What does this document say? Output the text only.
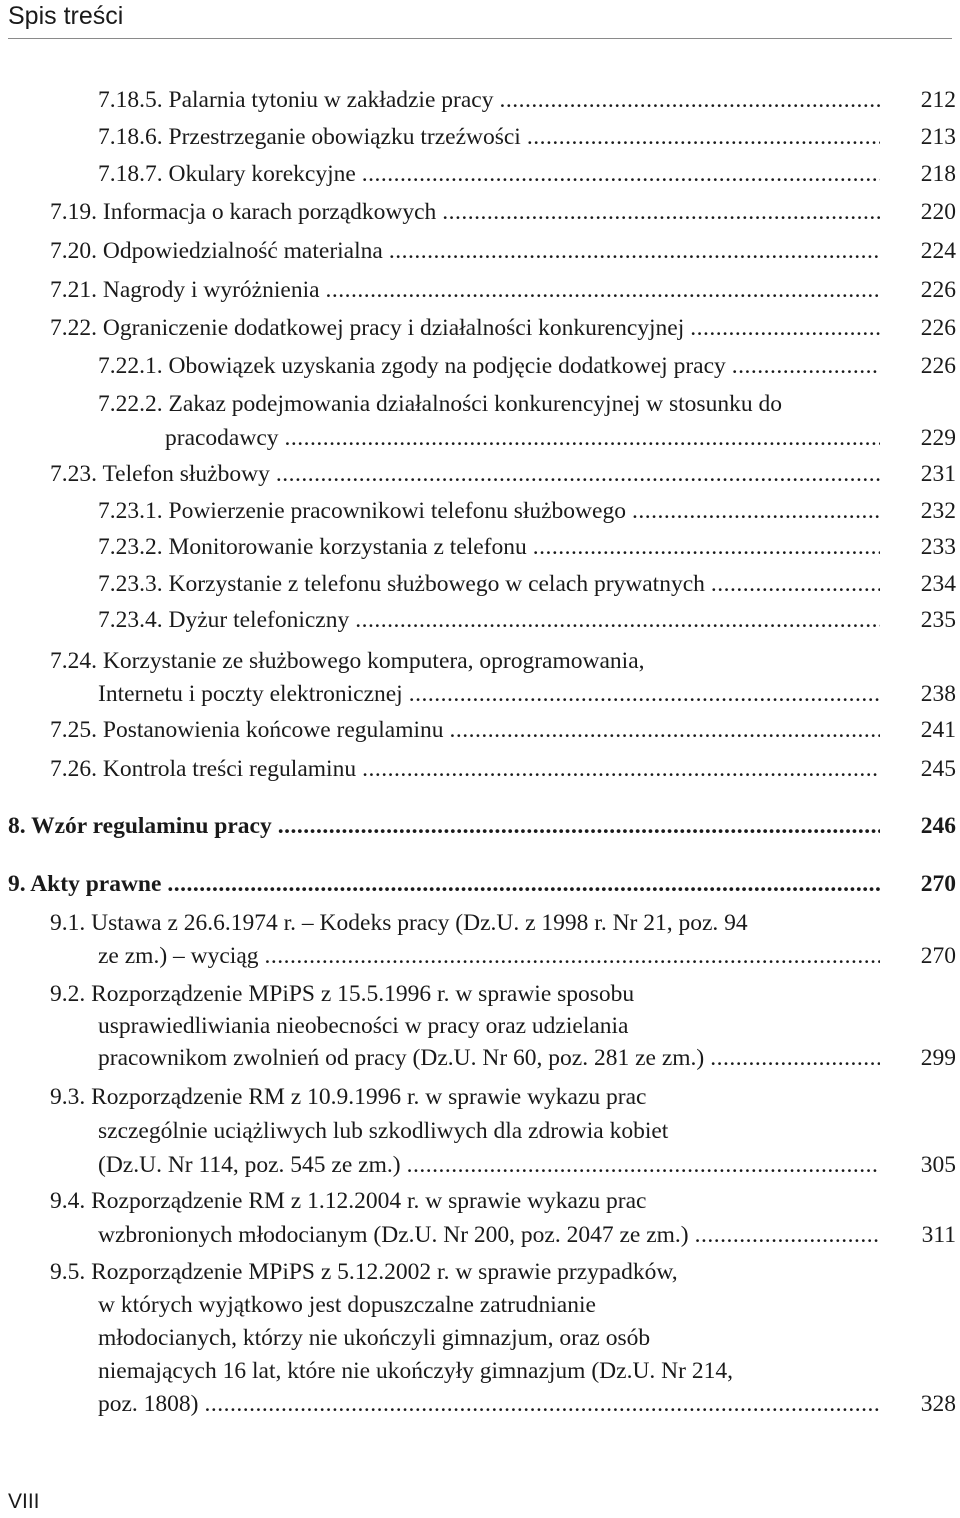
Spis treści
7.18.5. Palarnia tytoniu w zakładzie pracy .....	212
7.18.6. Przestrzeganie obowiązku trzeźwości .....	213
7.18.7. Okulary korekcyjne .....	218
7.19. Informacja o karach porządkowych .....	220
7.20. Odpowiedzialność materialna .....	224
7.21. Nagrody i wyróżnienia .....	226
7.22. Ograniczenie dodatkowej pracy i działalności konkurencyjnej .....	226
7.22.1. Obowiązek uzyskania zgody na podjęcie dodatkowej pracy .....	226
7.22.2. Zakaz podejmowania działalności konkurencyjnej w stosunku do
pracodawcy .....	229
7.23. Telefon służbowy .....	231
7.23.1. Powierzenie pracownikowi telefonu służbowego .....	232
7.23.2. Monitorowanie korzystania z telefonu .....	233
7.23.3. Korzystanie z telefonu służbowego w celach prywatnych .....	234
7.23.4. Dyżur telefoniczny .....	235
7.24. Korzystanie ze służbowego komputera, oprogramowania,
Internetu i poczty elektronicznej .....	238
7.25. Postanowienia końcowe regulaminu .....	241
7.26. Kontrola treści regulaminu .....	245
8. Wzór regulaminu pracy .....	246
9. Akty prawne .....	270
9.1. Ustawa z 26.6.1974 r. – Kodeks pracy (Dz.U. z 1998 r. Nr 21, poz. 94
ze zm.) – wyciąg .....	270
9.2. Rozporządzenie MPiPS z 15.5.1996 r. w sprawie sposobu
usprawiedliwiania nieobecności w pracy oraz udzielania
pracownikom zwolnień od pracy (Dz.U. Nr 60, poz. 281 ze zm.) .....	299
9.3. Rozporządzenie RM z 10.9.1996 r. w sprawie wykazu prac
szczególnie uciążliwych lub szkodliwych dla zdrowia kobiet
(Dz.U. Nr 114, poz. 545 ze zm.) .....	305
9.4. Rozporządzenie RM z 1.12.2004 r. w sprawie wykazu prac
wzbronionych młodocianym (Dz.U. Nr 200, poz. 2047 ze zm.) .....	311
9.5. Rozporządzenie MPiPS z 5.12.2002 r. w sprawie przypadków,
w których wyjątkowo jest dopuszczalne zatrudnianie
młodocianych, którzy nie ukończyli gimnazjum, oraz osób
niemających 16 lat, które nie ukończyły gimnazjum (Dz.U. Nr 214,
poz. 1808) .....	328
VIII
